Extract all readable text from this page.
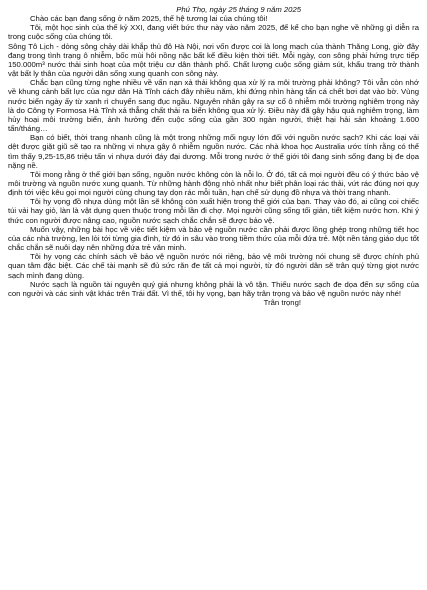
Phú Thọ, ngày 25 tháng 9 năm 2025

Chào các bạn đang sống ở năm 2025, thế hệ tương lai của chúng tôi!

Tôi, một học sinh của thế kỷ XXI, đang viết bức thư này vào năm 2025, để kể cho bạn nghe về những gì diễn ra trong cuộc sống của chúng tôi.

Sông Tô Lịch - dòng sông chảy dài khắp thủ đô Hà Nội, nơi vốn được coi là long mạch của thành Thăng Long, giờ đây đang trong tình trạng ô nhiễm, bốc mùi hôi nồng nặc bất kể điều kiện thời tiết. Mỗi ngày, con sông phải hứng trực tiếp 150.000m³ nước thải sinh hoạt của một triệu cư dân thành phố. Chất lượng cuộc sống giảm sút, khẩu trang trở thành vật bất ly thân của người dân sống xung quanh con sông này.

Chắc bạn cũng từng nghe nhiều về vấn nạn xả thải không qua xử lý ra môi trường phải không? Tôi vẫn còn nhớ về khung cảnh bất lực của ngư dân Hà Tĩnh cách đây nhiều năm, khi đứng nhìn hàng tấn cá chết bơi dạt vào bờ. Vùng nước biển ngày ấy từ xanh rì chuyển sang đục ngầu. Nguyên nhân gây ra sự cố ô nhiễm môi trường nghiêm trọng này là do Công ty Formosa Hà Tĩnh xả thẳng chất thải ra biển không qua xử lý. Điều này đã gây hậu quả nghiêm trọng, làm hủy hoại môi trường biển, ảnh hưởng đến cuộc sống của gần 300 ngàn người, thiệt hại hải sản khoảng 1.600 tấn/tháng…

Bạn có biết, thời trang nhanh cũng là một trong những mối nguy lớn đối với nguồn nước sạch? Khi các loại vải dệt được giặt giũ sẽ tạo ra những vi nhựa gây ô nhiễm nguồn nước. Các nhà khoa học Australia ước tính rằng có thể tìm thấy 9,25-15,86 triệu tấn vi nhựa dưới đáy đại dương. Mỗi trong nước ở thế giới tôi đang sinh sống đang bị đe dọa nặng nề.

Tôi mong rằng ở thế giới bạn sống, nguồn nước không còn là nỗi lo. Ở đó, tất cả mọi người đều có ý thức bảo vệ môi trường và nguồn nước xung quanh. Từ những hành động nhỏ nhất như biết phân loại rác thải, vứt rác đúng nơi quy định tới việc kêu gọi mọi người cùng chung tay dọn rác mỗi tuần, hạn chế sử dụng đồ nhựa và thời trang nhanh.

Tôi hy vọng đồ nhựa dùng một lần sẽ không còn xuất hiện trong thế giới của bạn. Thay vào đó, ai cũng coi chiếc túi vải hay giỏ, làn là vật dụng quen thuộc trong mỗi lần đi chợ. Mọi người cũng sống tối giản, tiết kiệm nước hơn. Khi ý thức con người được nâng cao, nguồn nước sạch chắc chắn sẽ được bảo vệ.

Muốn vậy, những bài học về việc tiết kiệm và bảo vệ nguồn nước cần phải được lồng ghép trong những tiết học của các nhà trường, len lỏi tới từng gia đình, từ đó in sâu vào trong tiềm thức của mỗi đứa trẻ. Một nền tảng giáo dục tốt chắc chắn sẽ nuôi dạy nên những đứa trẻ văn minh.

Tôi hy vọng các chính sách về bảo vệ nguồn nước nói riêng, bảo vệ môi trường nói chung sẽ được chính phủ quan tâm đặc biệt. Các chế tài mạnh sẽ đủ sức răn đe tất cả mọi người, từ đó người dân sẽ trân quý từng giọt nước sạch mình đang dùng.

Nước sạch là nguồn tài nguyên quý giá nhưng không phải là vô tận. Thiếu nước sạch đe dọa đến sự sống của con người và các sinh vật khác trên Trái đất. Vì thế, tôi hy vọng, bạn hãy trân trọng và bảo vệ nguồn nước này nhé!

Trân trọng!
